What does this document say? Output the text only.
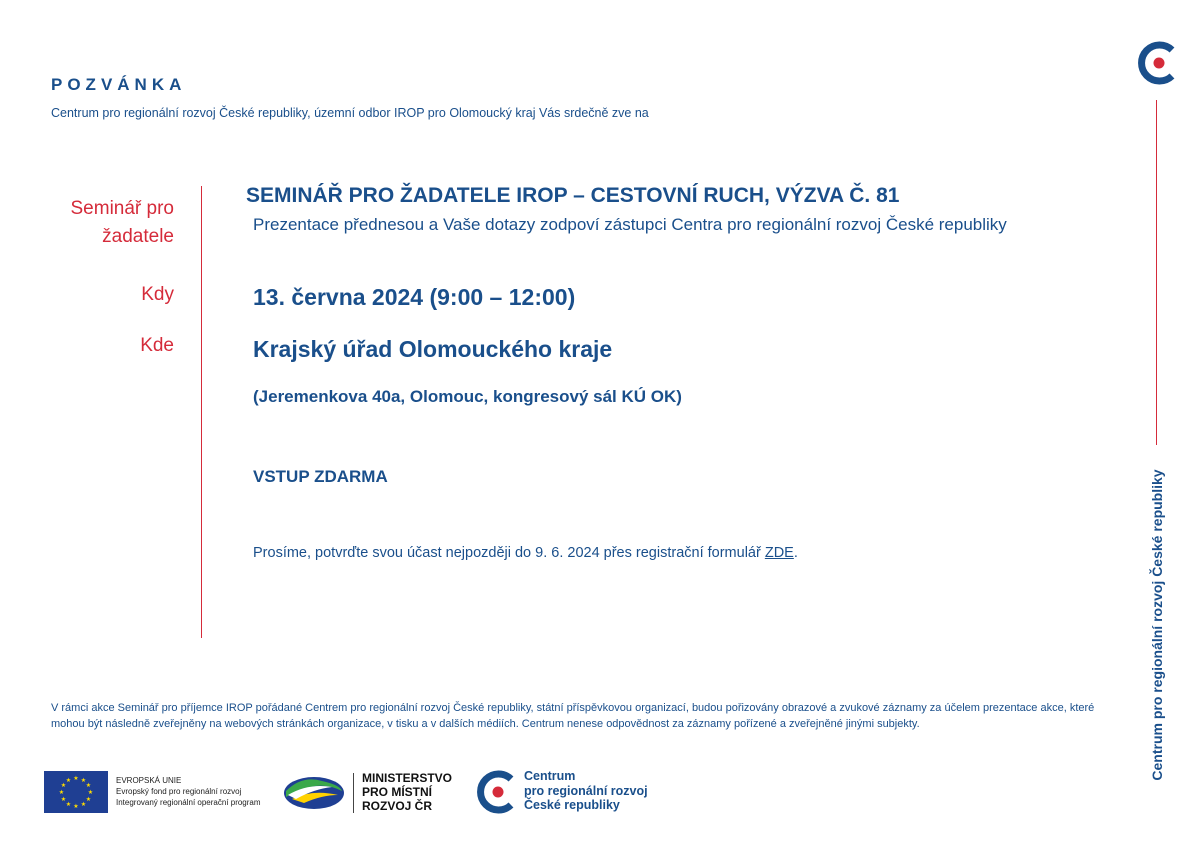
POZVÁNKA
Centrum pro regionální rozvoj České republiky, územní odbor IROP pro Olomoucký kraj Vás srdečně zve na
Seminář pro
žadatele
Kdy
Kde
SEMINÁŘ PRO ŽADATELE IROP – CESTOVNÍ RUCH, VÝZVA Č. 81
Prezentace přednesou a Vaše dotazy zodpoví zástupci Centra pro regionální rozvoj České republiky
13. června 2024 (9:00 – 12:00)
Krajský úřad Olomouckého kraje
(Jeremenkova 40a, Olomouc, kongresový sál KÚ OK)
VSTUP ZDARMA
Prosíme, potvrďte svou účast nejpozději do 9. 6. 2024 přes registrační formulář ZDE.
V rámci akce Seminář pro příjemce IROP pořádané Centrem pro regionální rozvoj České republiky, státní příspěvkovou organizací, budou pořizovány obrazové a zvukové záznamy za účelem prezentace akce, které mohou být následně zveřejněny na webových stránkách organizace, v tisku a v dalších médiích. Centrum nenese odpovědnost za záznamy pořízené a zveřejněné jinými subjekty.	Centrum pro regionální rozvoj České republiky
★ ★
★
★
★
★
★
★
★
★
★
★	EVROPSKÁ UNIE
Evropský fond pro regionální rozvoj
Integrovaný regionální operační program
MINISTERSTVO
PRO MÍSTNÍ
ROZVOJ ČR
Centrum
pro regionální rozvoj
České republiky
